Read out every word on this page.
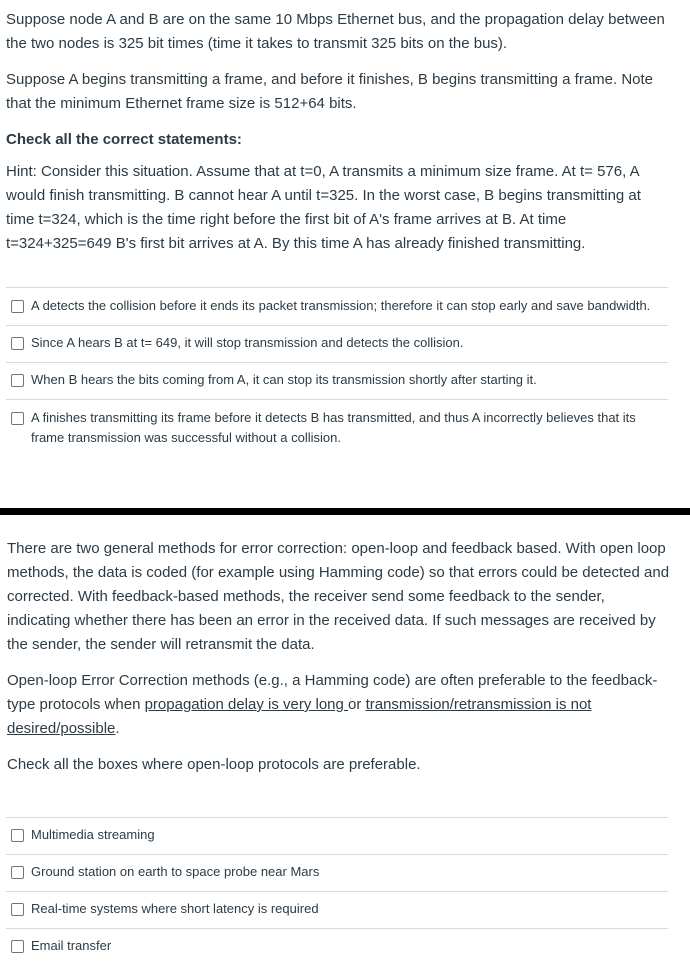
Suppose node A and B are on the same 10 Mbps Ethernet bus, and the propagation delay between the two nodes is 325 bit times (time it takes to transmit 325 bits on the bus).

Suppose A begins transmitting a frame, and before it finishes, B begins transmitting a frame. Note that the minimum Ethernet frame size is 512+64 bits.

Check all the correct statements:

Hint: Consider this situation. Assume that at t=0, A transmits a minimum size frame. At t= 576, A would finish transmitting. B cannot hear A until t=325. In the worst case, B begins transmitting at time t=324, which is the time right before the first bit of A's frame arrives at B. At time t=324+325=649 B's first bit arrives at A. By this time A has already finished transmitting.

A detects the collision before it ends its packet transmission; therefore it can stop early and save bandwidth.
Since A hears B at t= 649, it will stop transmission and detects the collision.
When B hears the bits coming from A, it can stop its transmission shortly after starting it.
A finishes transmitting its frame before it detects B has transmitted, and thus A incorrectly believes that its frame transmission was successful without a collision.

There are two general methods for error correction: open-loop and feedback based. With open loop methods, the data is coded (for example using Hamming code) so that errors could be detected and corrected. With feedback-based methods, the receiver send some feedback to the sender, indicating whether there has been an error in the received data. If such messages are received by the sender, the sender will retransmit the data.

Open-loop Error Correction methods (e.g., a Hamming code) are often preferable to the feedback-type protocols when propagation delay is very long or transmission/retransmission is not desired/possible.

Check all the boxes where open-loop protocols are preferable.

Multimedia streaming
Ground station on earth to space probe near Mars
Real-time systems where short latency is required
Email transfer
